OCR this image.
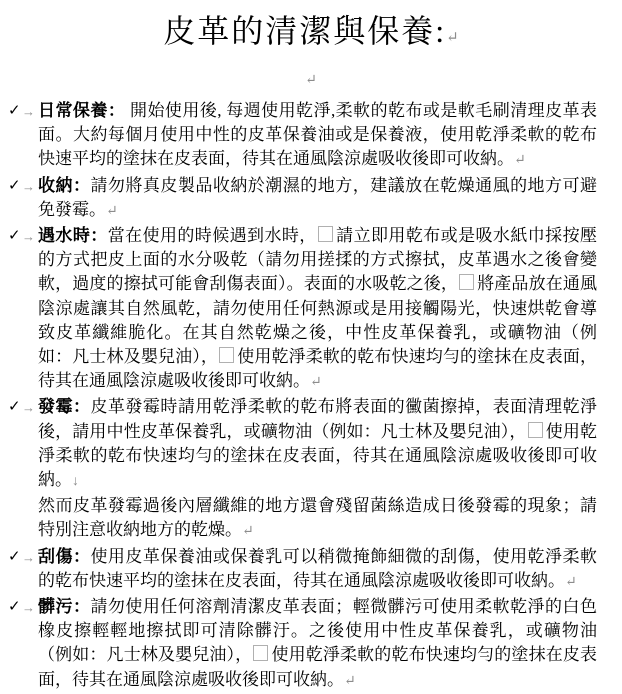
皮革的清潔與保養:↵
↵
✓ → 日常保養： 開始使用後, 每週使用乾淨,柔軟的乾布或是軟毛刷清理皮革表面。大約每個月使用中性的皮革保養油或是保養液，使用乾淨柔軟的乾布快速平均的塗抹在皮表面，待其在通風陰涼處吸收後即可收納。↵
✓ → 收納：請勿將真皮製品收納於潮濕的地方，建議放在乾燥通風的地方可避免發霉。↵
✓ → 遇水時：當在使用的時候遇到水時， 請立即用乾布或是吸水紙巾採按壓的方式把皮上面的水分吸乾（請勿用搓揉的方式擦拭，皮革遇水之後會變軟，過度的擦拭可能會刮傷表面）。表面的水吸乾之後， 將產品放在通風陰涼處讓其自然風乾，請勿使用任何熱源或是用接觸陽光，快速烘乾會導致皮革纖維脆化。在其自然乾燥之後，中性皮革保養乳，或礦物油（例如：凡士林及嬰兒油）， 使用乾淨柔軟的乾布快速均勻的塗抹在皮表面，待其在通風陰涼處吸收後即可收納。↵
✓ → 發霉：皮革發霉時請用乾淨柔軟的乾布將表面的黴菌擦掉，表面清理乾淨後，請用中性皮革保養乳，或礦物油（例如：凡士林及嬰兒油）， 使用乾淨柔軟的乾布快速均勻的塗抹在皮表面，待其在通風陰涼處吸收後即可收納。↓
然而皮革發霉過後內層纖維的地方還會殘留菌絲造成日後發霉的現象；請特別注意收納地方的乾燥。↵
✓ → 刮傷：使用皮革保養油或保養乳可以稍微掩飾細微的刮傷，使用乾淨柔軟的乾布快速平均的塗抹在皮表面，待其在通風陰涼處吸收後即可收納。↵
✓ → 髒污：請勿使用任何溶劑清潔皮革表面；輕微髒污可使用柔軟乾淨的白色橡皮擦輕輕地擦拭即可清除髒汙。之後使用中性皮革保養乳，或礦物油（例如：凡士林及嬰兒油）， 使用乾淨柔軟的乾布快速均勻的塗抹在皮表面，待其在通風陰涼處吸收後即可收納。↵
